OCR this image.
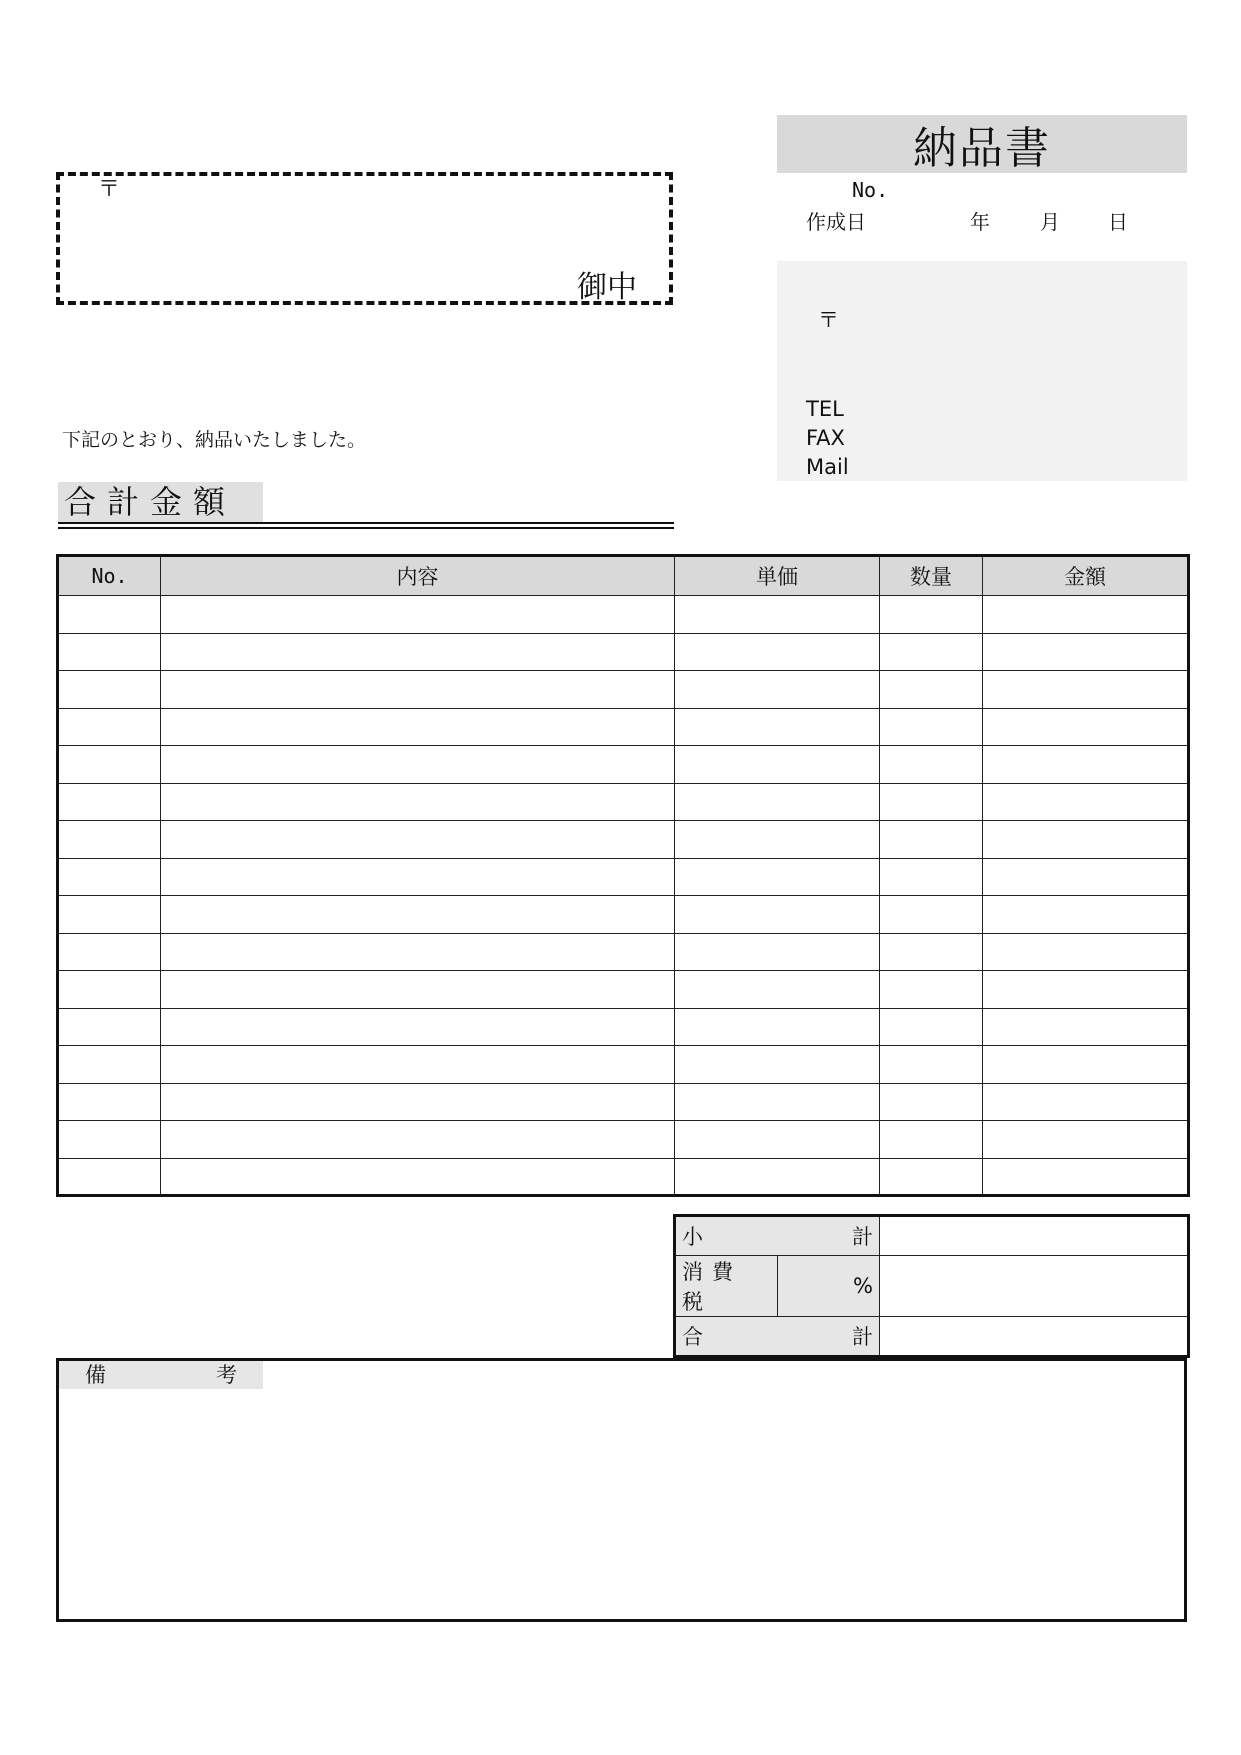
〒
御中
納品書
No.
作成日	年	月 日
〒
TEL
FAX
Mail
下記のとおり、納品いたしました。
合計金額
No.	内容	単価	数量	金額

小 計		

消費税	%	

合 計		

備	考
